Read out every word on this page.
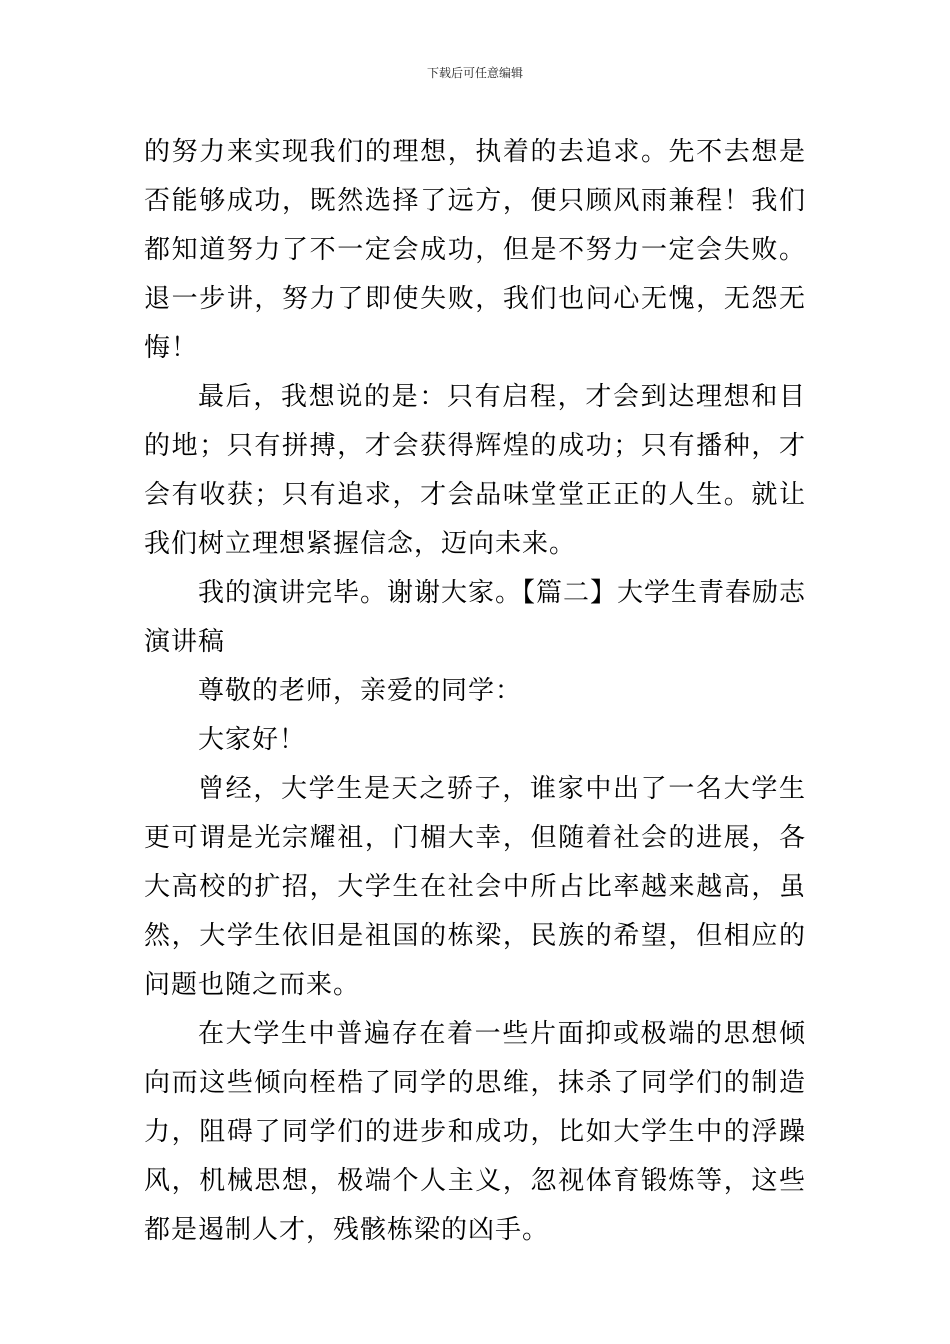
下载后可任意编辑

的努力来实现我们的理想，执着的去追求。先不去想是否能够成功，既然选择了远方，便只顾风雨兼程！我们都知道努力了不一定会成功，但是不努力一定会失败。退一步讲，努力了即使失败，我们也问心无愧，无怨无悔！

最后，我想说的是：只有启程，才会到达理想和目的地；只有拼搏，才会获得辉煌的成功；只有播种，才会有收获；只有追求，才会品味堂堂正正的人生。就让我们树立理想紧握信念，迈向未来。

我的演讲完毕。谢谢大家。【篇二】大学生青春励志演讲稿

尊敬的老师，亲爱的同学：

大家好！

曾经，大学生是天之骄子，谁家中出了一名大学生更可谓是光宗耀祖，门楣大幸，但随着社会的进展，各大高校的扩招，大学生在社会中所占比率越来越高，虽然，大学生依旧是祖国的栋梁，民族的希望，但相应的问题也随之而来。

在大学生中普遍存在着一些片面抑或极端的思想倾向而这些倾向桎梏了同学的思维，抹杀了同学们的制造力，阻碍了同学们的进步和成功，比如大学生中的浮躁风，机械思想，极端个人主义，忽视体育锻炼等，这些都是遏制人才，残骸栋梁的凶手。
